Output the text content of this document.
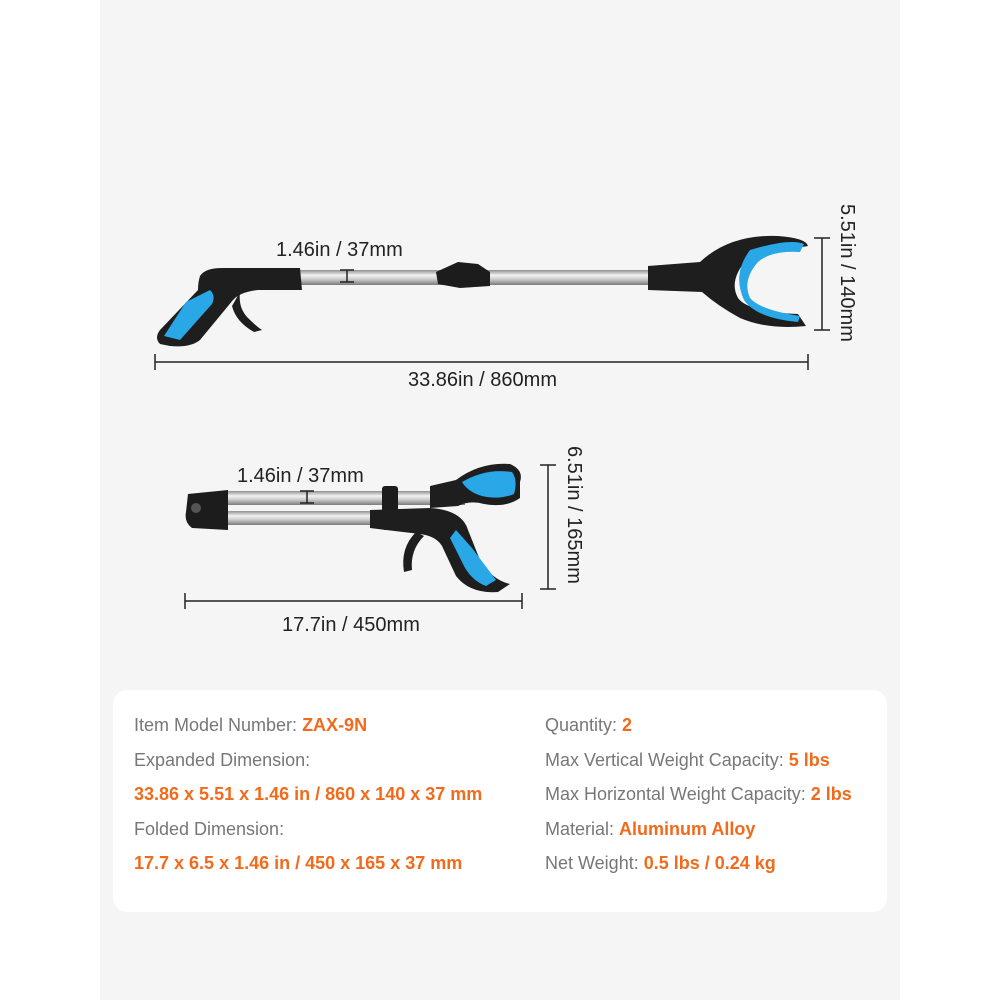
1.46in / 37mm
33.86in / 860mm
5.51in / 140mm
1.46in / 37mm
17.7in / 450mm
6.51in / 165mm
Item Model Number: ZAX-9N
Expanded Dimension:
33.86 x 5.51 x 1.46 in / 860 x 140 x 37 mm
Folded Dimension:
17.7 x 6.5 x 1.46 in / 450 x 165 x 37 mm
Quantity: 2
Max Vertical Weight Capacity: 5 lbs
Max Horizontal Weight Capacity: 2 lbs
Material: Aluminum Alloy
Net Weight: 0.5 lbs / 0.24 kg
